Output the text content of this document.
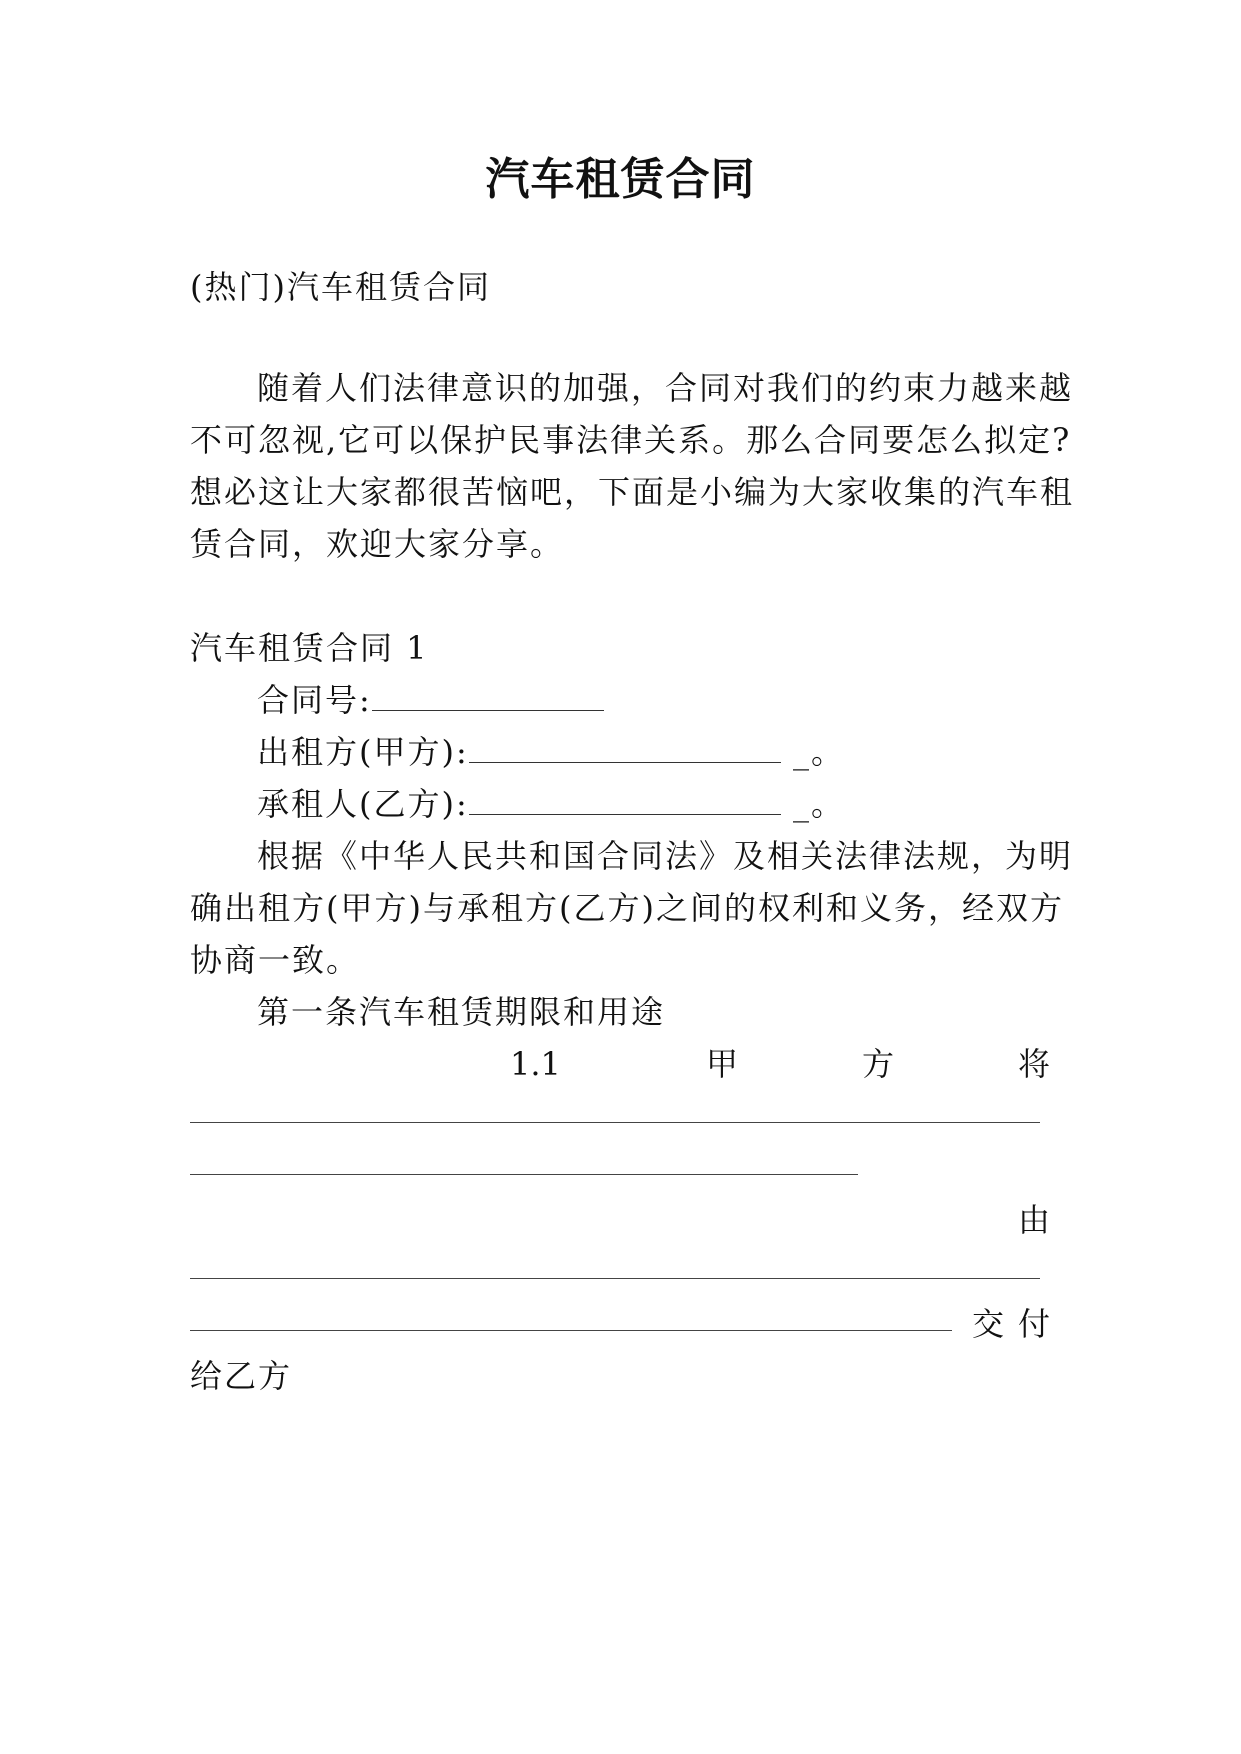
汽车租赁合同
(热门)汽车租赁合同
随着人们法律意识的加强，合同对我们的约束力越来越
不可忽视,它可以保护民事法律关系。那么合同要怎么拟定?
想必这让大家都很苦恼吧，下面是小编为大家收集的汽车租
赁合同，欢迎大家分享。
汽车租赁合同 1
合同号:
出租方(甲方):	_。
承租人(乙方):	_。
根据《中华人民共和国合同法》及相关法律法规，为明
确出租方(甲方)与承租方(乙方)之间的权利和义务，经双方
协商一致。
第一条汽车租赁期限和用途
1.1	甲	方	将
由
交 付
给乙方
